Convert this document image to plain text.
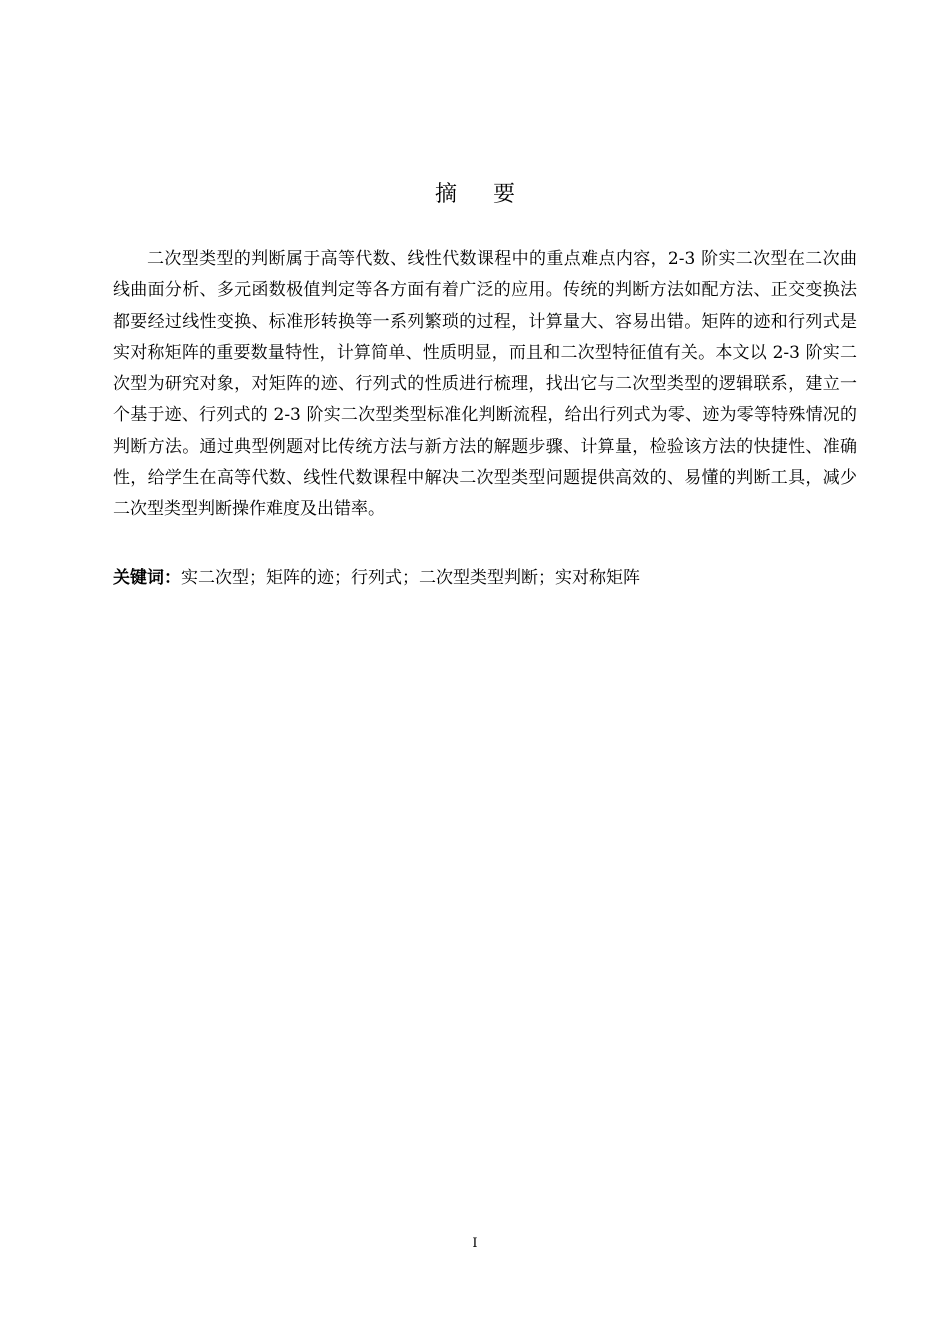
摘要

二次型类型的判断属于高等代数、线性代数课程中的重点难点内容，2-3 阶实二次型在二次曲线曲面分析、多元函数极值判定等各方面有着广泛的应用。传统的判断方法如配方法、正交变换法都要经过线性变换、标准形转换等一系列繁琐的过程，计算量大、容易出错。矩阵的迹和行列式是实对称矩阵的重要数量特性，计算简单、性质明显，而且和二次型特征值有关。本文以 2-3 阶实二次型为研究对象，对矩阵的迹、行列式的性质进行梳理，找出它与二次型类型的逻辑联系，建立一个基于迹、行列式的 2-3 阶实二次型类型标准化判断流程，给出行列式为零、迹为零等特殊情况的判断方法。通过典型例题对比传统方法与新方法的解题步骤、计算量，检验该方法的快捷性、准确性，给学生在高等代数、线性代数课程中解决二次型类型问题提供高效的、易懂的判断工具，减少二次型类型判断操作难度及出错率。

关键词：实二次型；矩阵的迹；行列式；二次型类型判断；实对称矩阵

I
